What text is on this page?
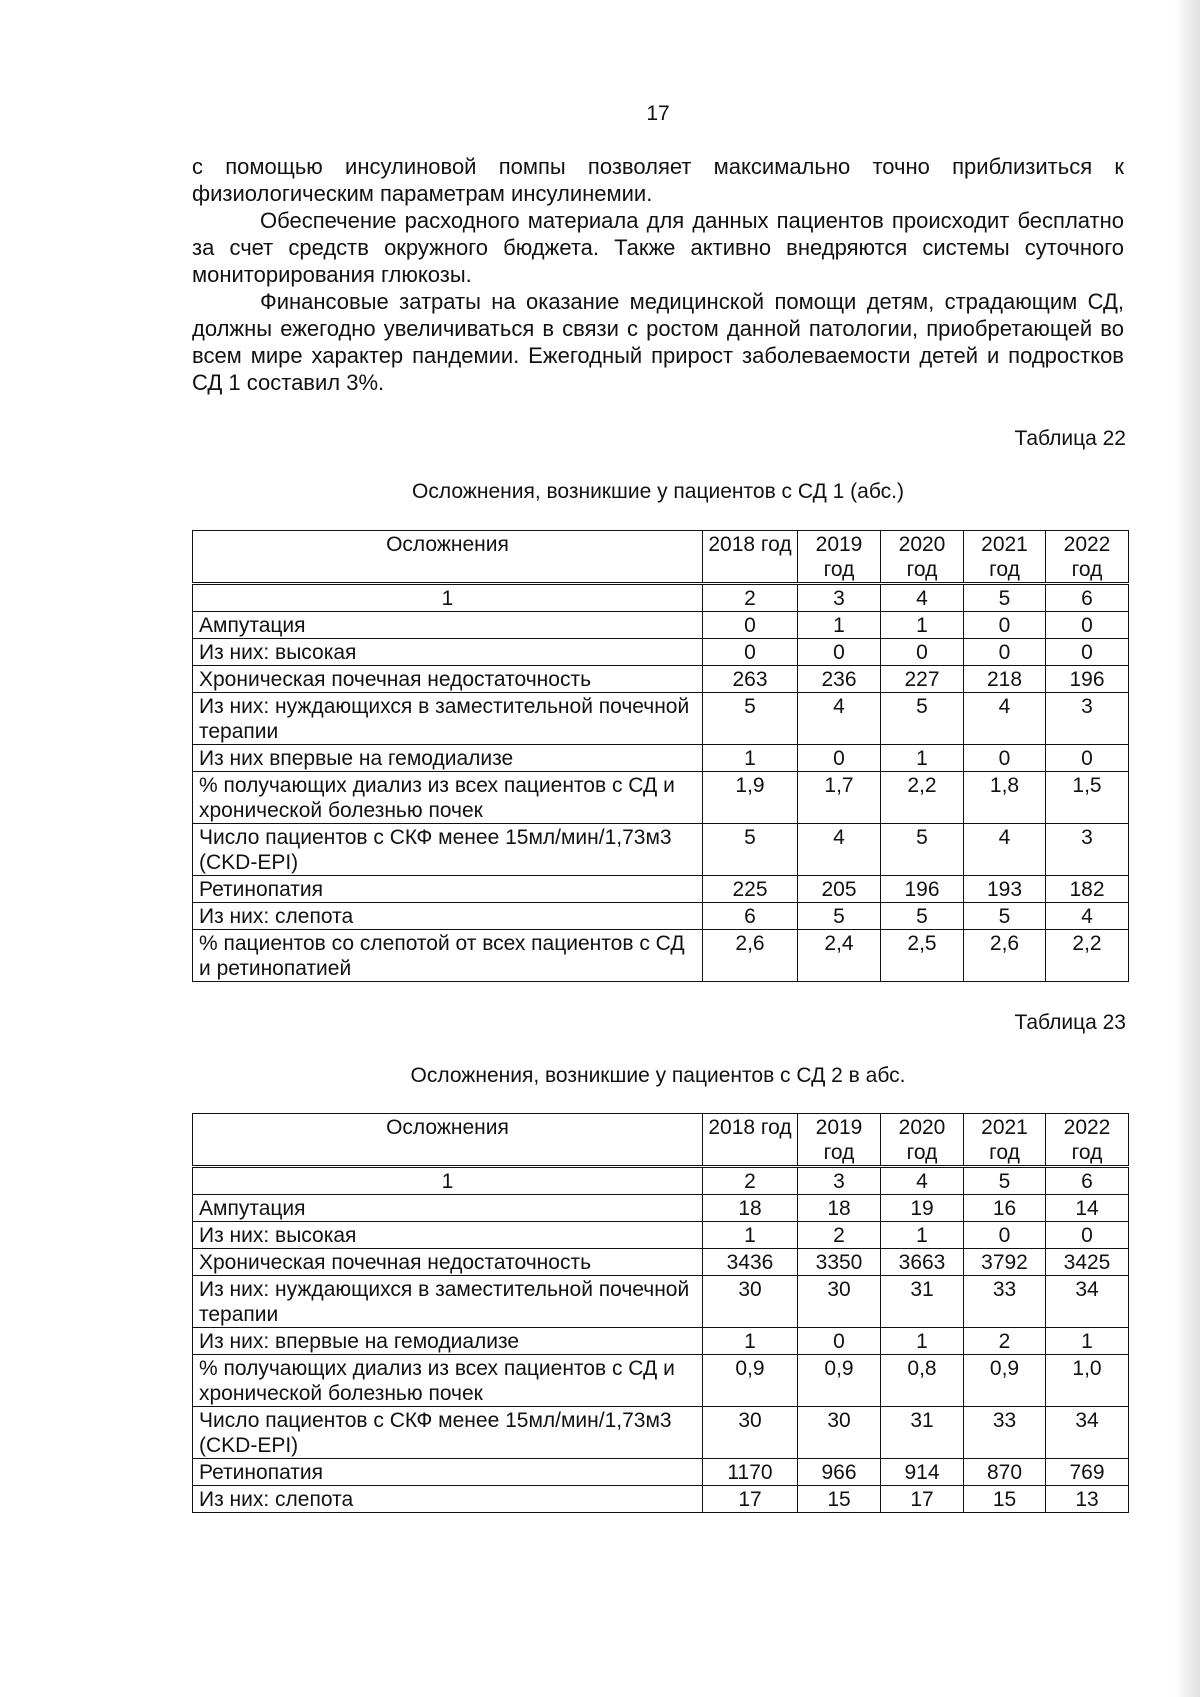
17

с помощью инсулиновой помпы позволяет максимально точно приблизиться к физиологическим параметрам инсулинемии.

Обеспечение расходного материала для данных пациентов происходит бесплатно за счет средств окружного бюджета. Также активно внедряются системы суточного мониторирования глюкозы.

Финансовые затраты на оказание медицинской помощи детям, страдающим СД, должны ежегодно увеличиваться в связи с ростом данной патологии, приобретающей во всем мире характер пандемии. Ежегодный прирост заболеваемости детей и подростков СД 1 составил 3%.

Таблица 22
Осложнения, возникшие у пациентов с СД 1 (абс.)
Осложнения	2018 год	2019 год	2020 год	2021 год	2022 год
1	2	3	4	5	6
Ампутация	0	1	1	0	0
Из них: высокая	0	0	0	0	0
Хроническая почечная недостаточность	263	236	227	218	196
Из них: нуждающихся в заместительной почечной терапии	5	4	5	4	3
Из них впервые на гемодиализе	1	0	1	0	0
% получающих диализ из всех пациентов с СД и хронической болезнью почек	1,9	1,7	2,2	1,8	1,5
Число пациентов с СКФ менее 15мл/мин/1,73м3 (CKD-EPI)	5	4	5	4	3
Ретинопатия	225	205	196	193	182
Из них: слепота	6	5	5	5	4
% пациентов со слепотой от всех пациентов с СД и ретинопатией	2,6	2,4	2,5	2,6	2,2
Таблица 23
Осложнения, возникшие у пациентов с СД 2 в абс.
Осложнения	2018 год	2019 год	2020 год	2021 год	2022 год
1	2	3	4	5	6
Ампутация	18	18	19	16	14
Из них: высокая	1	2	1	0	0
Хроническая почечная недостаточность	3436	3350	3663	3792	3425
Из них: нуждающихся в заместительной почечной терапии	30	30	31	33	34
Из них: впервые на гемодиализе	1	0	1	2	1
% получающих диализ из всех пациентов с СД и хронической болезнью почек	0,9	0,9	0,8	0,9	1,0
Число пациентов с СКФ менее 15мл/мин/1,73м3 (CKD-EPI)	30	30	31	33	34
Ретинопатия	1170	966	914	870	769
Из них: слепота	17	15	17	15	13
